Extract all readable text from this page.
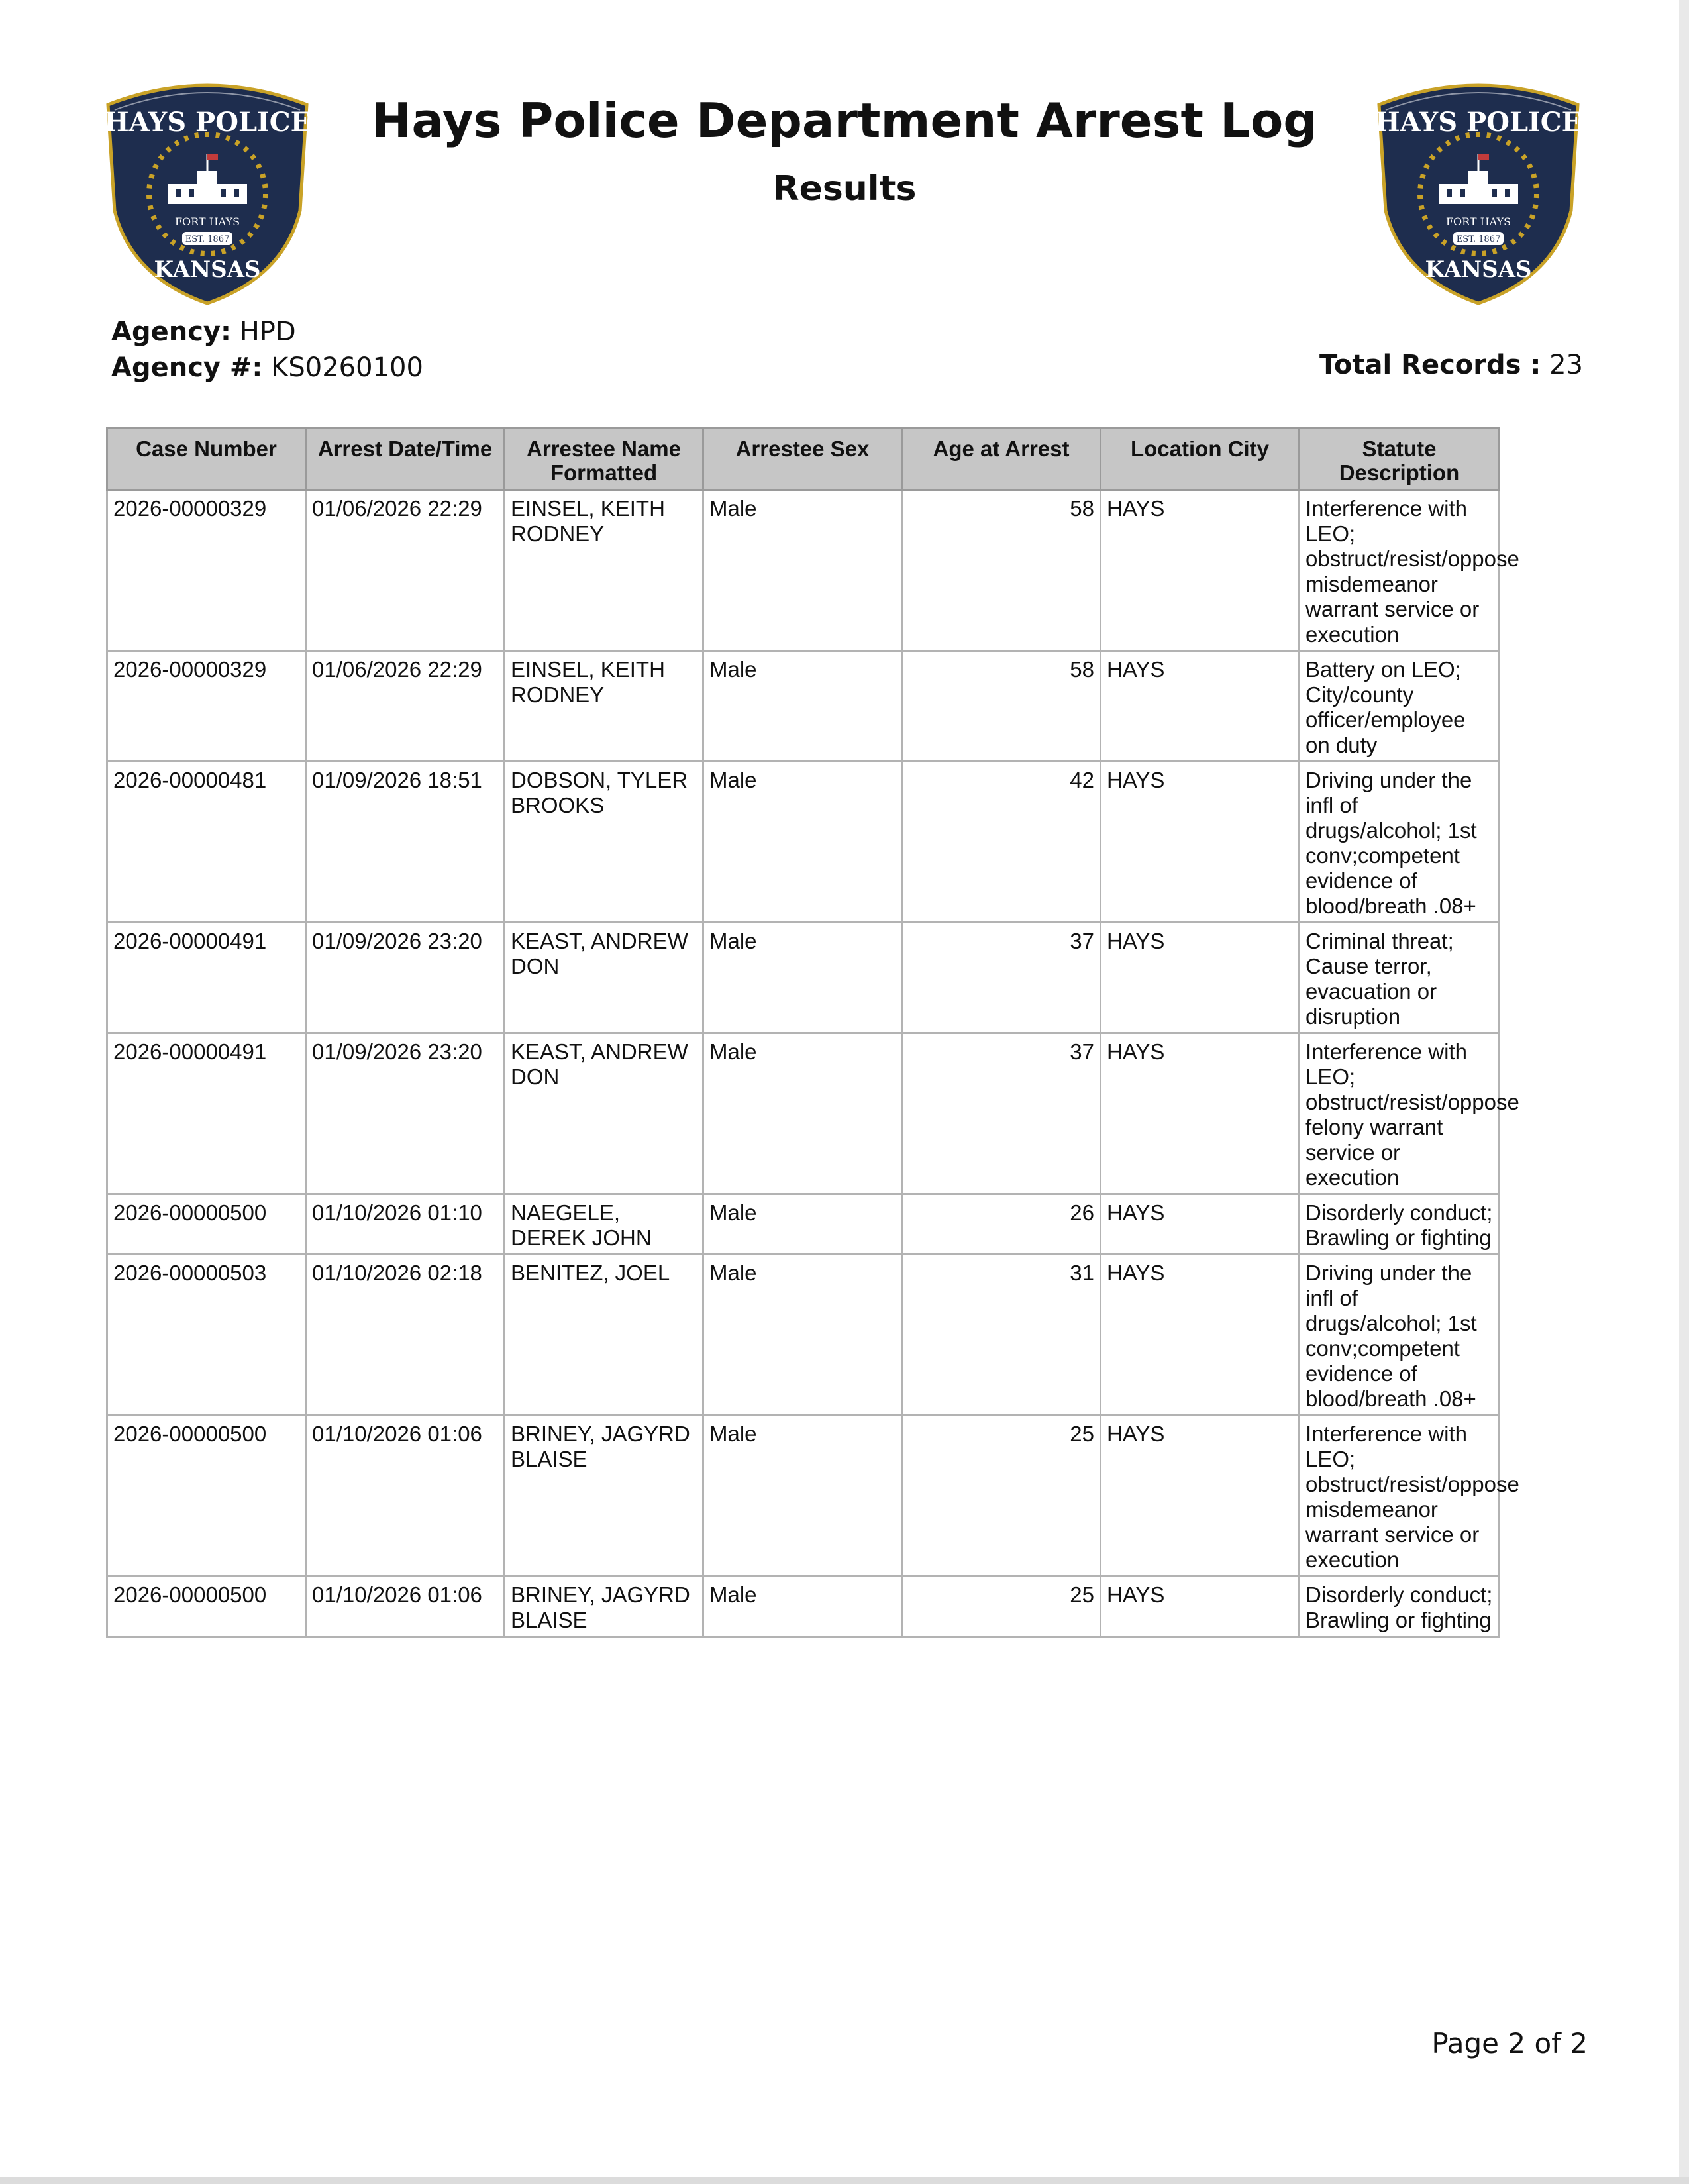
HAYS POLICE
FORT HAYS
EST. 1867
KANSAS
HAYS POLICE
FORT HAYS
EST. 1867
KANSAS
Hays Police Department Arrest Log
Results
Agency: HPD
Agency #: KS0260100	Total Records : 23
Case Number	Arrest Date/Time	Arrestee Name Formatted	Arrestee Sex	Age at Arrest	Location City	Statute Description
2026-00000329	01/06/2026 22:29	EINSEL, KEITH RODNEY	Male	58	HAYS	Interference with LEO; obstruct/resist/oppose misdemeanor warrant service or execution
2026-00000329	01/06/2026 22:29	EINSEL, KEITH RODNEY	Male	58	HAYS	Battery on LEO; City/county officer/employee on duty
2026-00000481	01/09/2026 18:51	DOBSON, TYLER BROOKS	Male	42	HAYS	Driving under the infl of drugs/alcohol; 1st conv;competent evidence of blood/breath .08+
2026-00000491	01/09/2026 23:20	KEAST, ANDREW DON	Male	37	HAYS	Criminal threat; Cause terror, evacuation or disruption
2026-00000491	01/09/2026 23:20	KEAST, ANDREW DON	Male	37	HAYS	Interference with LEO; obstruct/resist/oppose felony warrant service or execution
2026-00000500	01/10/2026 01:10	NAEGELE, DEREK JOHN	Male	26	HAYS	Disorderly conduct; Brawling or fighting
2026-00000503	01/10/2026 02:18	BENITEZ, JOEL	Male	31	HAYS	Driving under the infl of drugs/alcohol; 1st conv;competent evidence of blood/breath .08+
2026-00000500	01/10/2026 01:06	BRINEY, JAGYRD BLAISE	Male	25	HAYS	Interference with LEO; obstruct/resist/oppose misdemeanor warrant service or execution
2026-00000500	01/10/2026 01:06	BRINEY, JAGYRD BLAISE	Male	25	HAYS	Disorderly conduct; Brawling or fighting
Page 2 of 2
